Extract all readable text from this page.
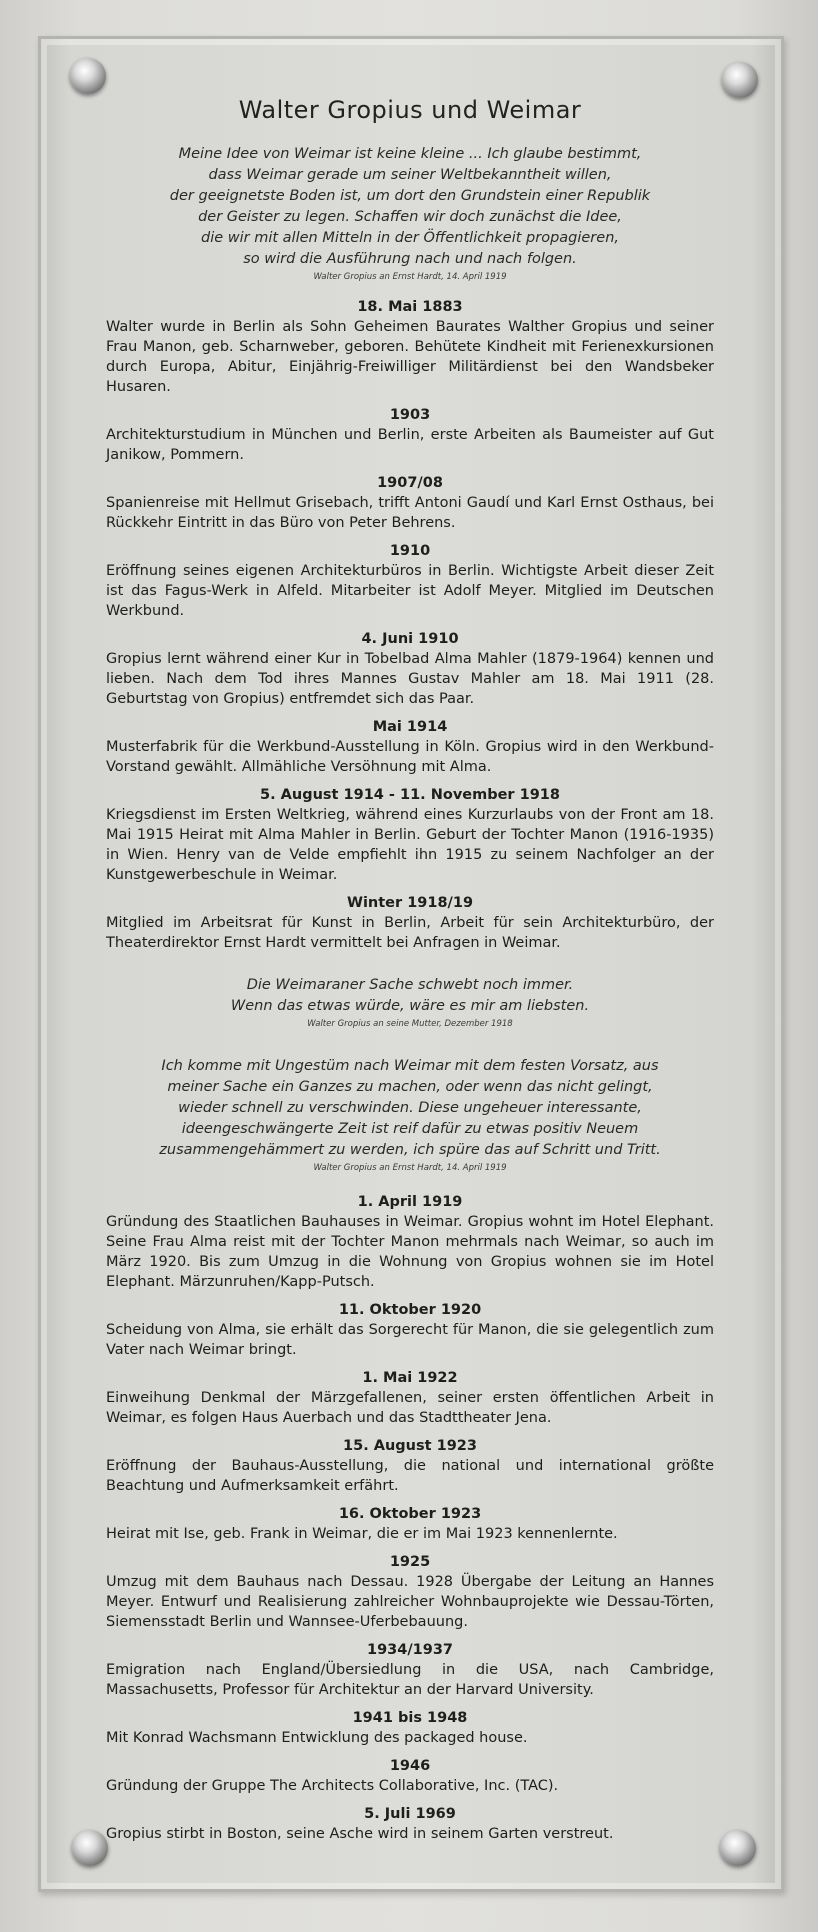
Walter Gropius und Weimar

Meine Idee von Weimar ist keine kleine ... Ich glaube bestimmt,

dass Weimar gerade um seiner Weltbekanntheit willen,

der geeignetste Boden ist, um dort den Grundstein einer Republik

der Geister zu legen. Schaffen wir doch zunächst die Idee,

die wir mit allen Mitteln in der Öffentlichkeit propagieren,

so wird die Ausführung nach und nach folgen.

Walter Gropius an Ernst Hardt, 14. April 1919

18. Mai 1883

Walter wurde in Berlin als Sohn Geheimen Baurates Walther Gropius und seiner Frau Manon, geb. Scharnweber, geboren. Behütete Kindheit mit Ferienexkursionen durch Europa, Abitur, Einjährig-Freiwilliger Militärdienst bei den Wandsbeker Husaren.

1903

Architekturstudium in München und Berlin, erste Arbeiten als Baumeister auf Gut Janikow, Pommern.

1907/08

Spanienreise mit Hellmut Grisebach, trifft Antoni Gaudí und Karl Ernst Osthaus, bei Rückkehr Eintritt in das Büro von Peter Behrens.

1910

Eröffnung seines eigenen Architekturbüros in Berlin. Wichtigste Arbeit dieser Zeit ist das Fagus-Werk in Alfeld. Mitarbeiter ist Adolf Meyer. Mitglied im Deutschen Werkbund.

4. Juni 1910

Gropius lernt während einer Kur in Tobelbad Alma Mahler (1879-1964) kennen und lieben. Nach dem Tod ihres Mannes Gustav Mahler am 18. Mai 1911 (28. Geburtstag von Gropius) entfremdet sich das Paar.

Mai 1914

Musterfabrik für die Werkbund-Ausstellung in Köln. Gropius wird in den Werkbund-Vorstand gewählt. Allmähliche Versöhnung mit Alma.

5. August 1914 - 11. November 1918

Kriegsdienst im Ersten Weltkrieg, während eines Kurzurlaubs von der Front am 18. Mai 1915 Heirat mit Alma Mahler in Berlin. Geburt der Tochter Manon (1916-1935) in Wien. Henry van de Velde empfiehlt ihn 1915 zu seinem Nachfolger an der Kunstgewerbeschule in Weimar.

Winter 1918/19

Mitglied im Arbeitsrat für Kunst in Berlin, Arbeit für sein Architekturbüro, der Theaterdirektor Ernst Hardt vermittelt bei Anfragen in Weimar.

Die Weimaraner Sache schwebt noch immer.

Wenn das etwas würde, wäre es mir am liebsten.

Walter Gropius an seine Mutter, Dezember 1918

Ich komme mit Ungestüm nach Weimar mit dem festen Vorsatz, aus

meiner Sache ein Ganzes zu machen, oder wenn das nicht gelingt,

wieder schnell zu verschwinden. Diese ungeheuer interessante,

ideengeschwängerte Zeit ist reif dafür zu etwas positiv Neuem

zusammengehämmert zu werden, ich spüre das auf Schritt und Tritt.

Walter Gropius an Ernst Hardt, 14. April 1919

1. April 1919

Gründung des Staatlichen Bauhauses in Weimar. Gropius wohnt im Hotel Elephant. Seine Frau Alma reist mit der Tochter Manon mehrmals nach Weimar, so auch im März 1920. Bis zum Umzug in die Wohnung von Gropius wohnen sie im Hotel Elephant. Märzunruhen/Kapp-Putsch.

11. Oktober 1920

Scheidung von Alma, sie erhält das Sorgerecht für Manon, die sie gelegentlich zum Vater nach Weimar bringt.

1. Mai 1922

Einweihung Denkmal der Märzgefallenen, seiner ersten öffentlichen Arbeit in Weimar, es folgen Haus Auerbach und das Stadttheater Jena.

15. August 1923

Eröffnung der Bauhaus-Ausstellung, die national und international größte Beachtung und Aufmerksamkeit erfährt.

16. Oktober 1923

Heirat mit Ise, geb. Frank in Weimar, die er im Mai 1923 kennenlernte.

1925

Umzug mit dem Bauhaus nach Dessau. 1928 Übergabe der Leitung an Hannes Meyer. Entwurf und Realisierung zahlreicher Wohnbauprojekte wie Dessau-Törten, Siemensstadt Berlin und Wannsee-Uferbebauung.

1934/1937

Emigration nach England/Übersiedlung in die USA, nach Cambridge, Massachusetts, Professor für Architektur an der Harvard University.

1941 bis 1948

Mit Konrad Wachsmann Entwicklung des packaged house.

1946

Gründung der Gruppe The Architects Collaborative, Inc. (TAC).

5. Juli 1969

Gropius stirbt in Boston, seine Asche wird in seinem Garten verstreut.
